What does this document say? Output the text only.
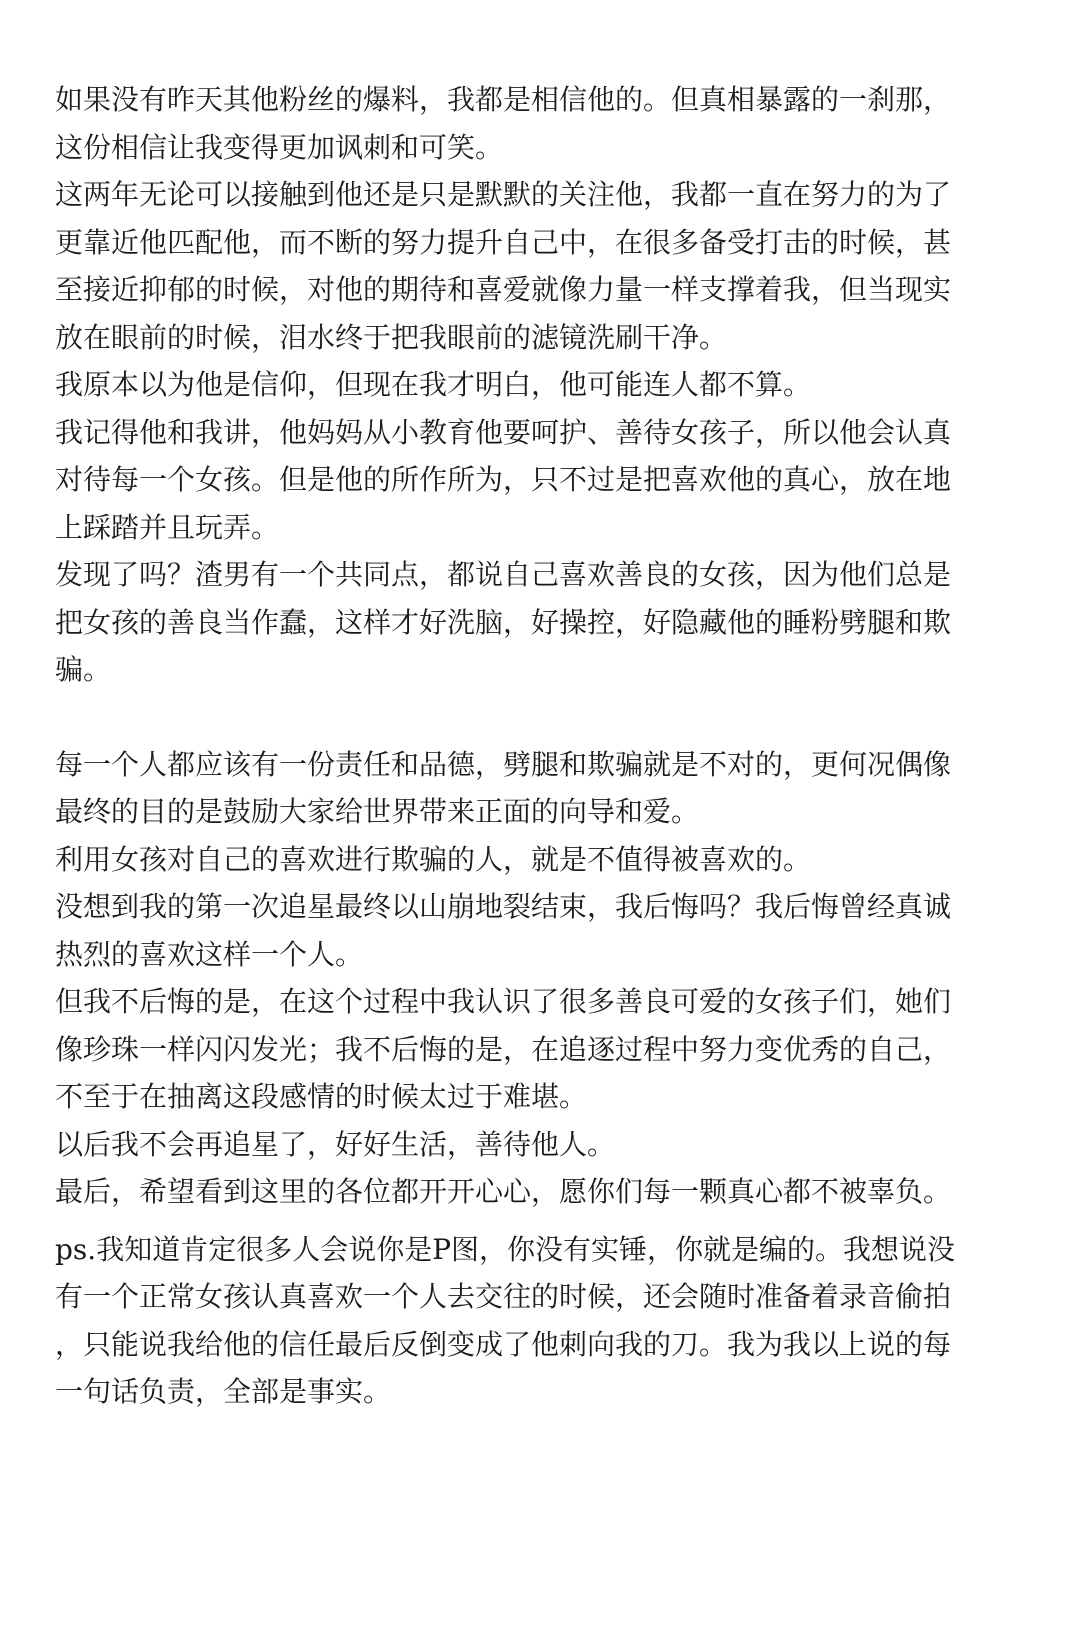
如果没有昨天其他粉丝的爆料，我都是相信他的。但真相暴露的一刹那，
这份相信让我变得更加讽刺和可笑。

这两年无论可以接触到他还是只是默默的关注他，我都一直在努力的为了
更靠近他匹配他，而不断的努力提升自己中，在很多备受打击的时候，甚
至接近抑郁的时候，对他的期待和喜爱就像力量一样支撑着我，但当现实
放在眼前的时候，泪水终于把我眼前的滤镜洗刷干净。

我原本以为他是信仰，但现在我才明白，他可能连人都不算。

我记得他和我讲，他妈妈从小教育他要呵护、善待女孩子，所以他会认真
对待每一个女孩。但是他的所作所为，只不过是把喜欢他的真心，放在地
上踩踏并且玩弄。

发现了吗？渣男有一个共同点，都说自己喜欢善良的女孩，因为他们总是
把女孩的善良当作蠢，这样才好洗脑，好操控，好隐藏他的睡粉劈腿和欺
骗。

每一个人都应该有一份责任和品德，劈腿和欺骗就是不对的，更何况偶像
最终的目的是鼓励大家给世界带来正面的向导和爱。

利用女孩对自己的喜欢进行欺骗的人，就是不值得被喜欢的。

没想到我的第一次追星最终以山崩地裂结束，我后悔吗？我后悔曾经真诚
热烈的喜欢这样一个人。

但我不后悔的是，在这个过程中我认识了很多善良可爱的女孩子们，她们
像珍珠一样闪闪发光；我不后悔的是，在追逐过程中努力变优秀的自己，
不至于在抽离这段感情的时候太过于难堪。

以后我不会再追星了，好好生活，善待他人。

最后，希望看到这里的各位都开开心心，愿你们每一颗真心都不被辜负。

ps.我知道肯定很多人会说你是P图，你没有实锤，你就是编的。我想说没
有一个正常女孩认真喜欢一个人去交往的时候，还会随时准备着录音偷拍
，只能说我给他的信任最后反倒变成了他刺向我的刀。我为我以上说的每
一句话负责，全部是事实。
